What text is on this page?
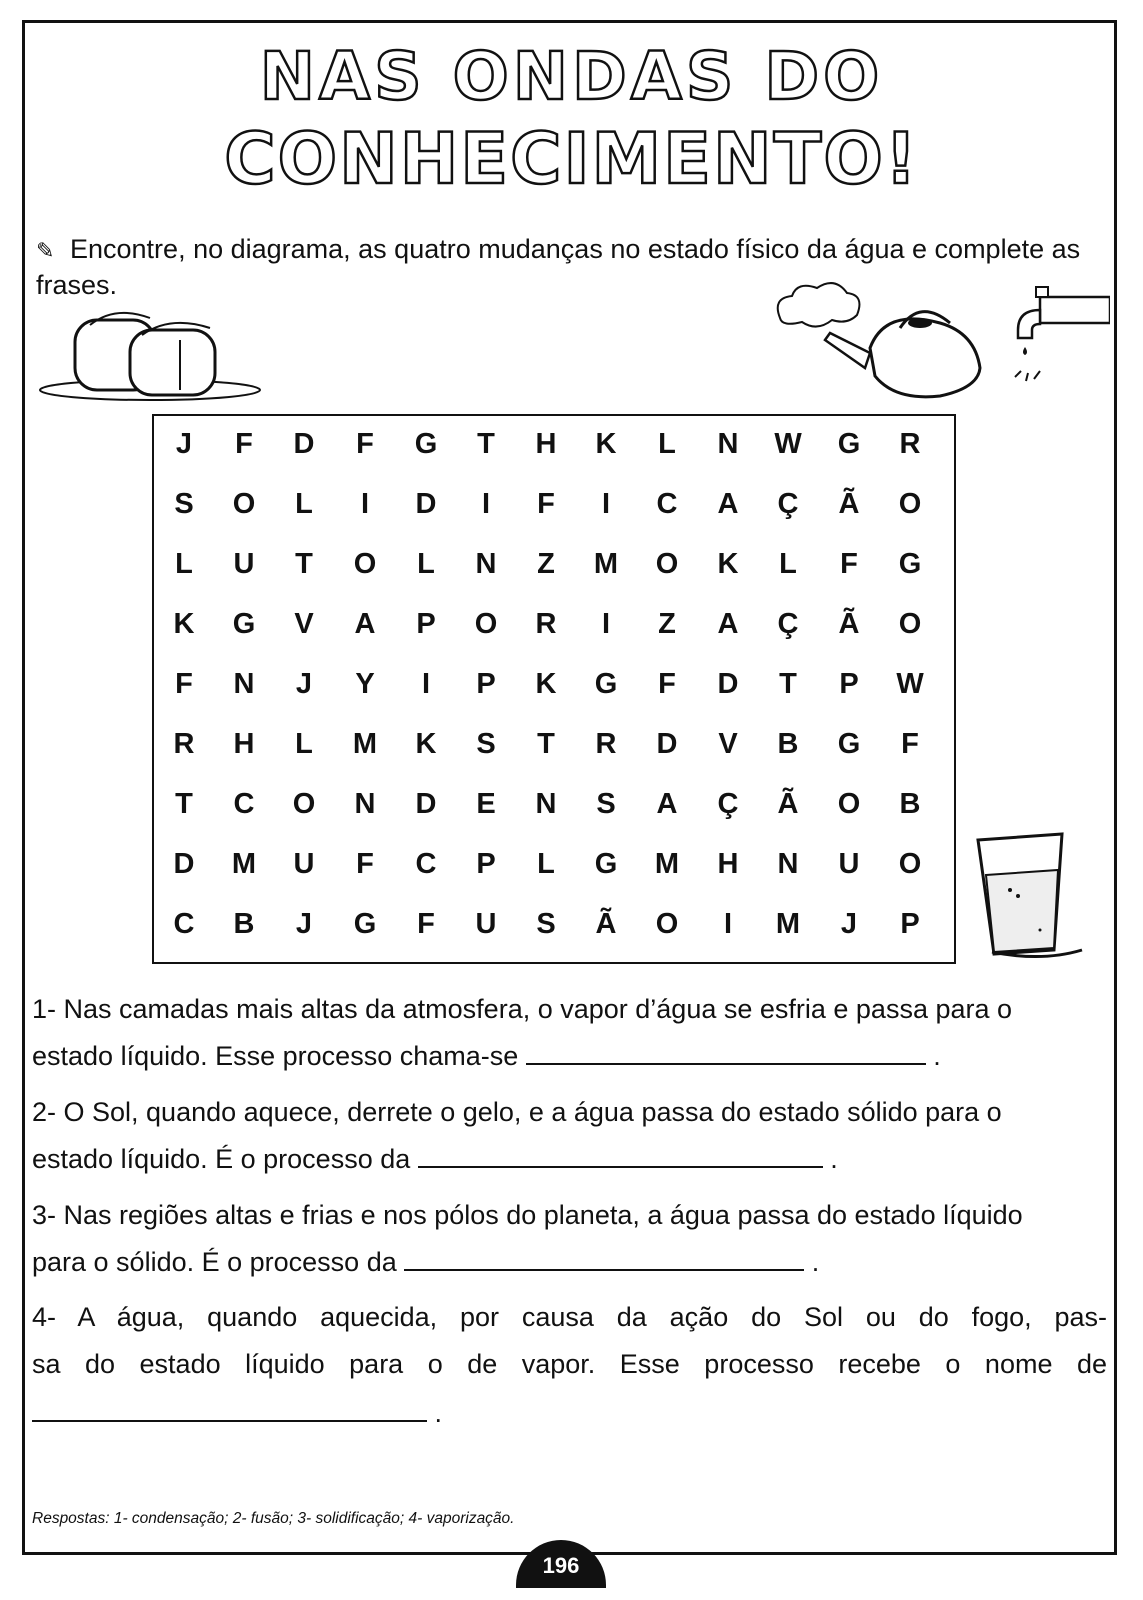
NAS ONDAS DO
CONHECIMENTO!
✎ Encontre, no diagrama, as quatro mudanças no estado físico da água e complete as frases.
J	F	D	F	G	T	H	K	L	N	W	G	R
S	O	L	I	D	I	F	I	C	A	Ç	Ã	O
L	U	T	O	L	N	Z	M	O	K	L	F	G
K	G	V	A	P	O	R	I	Z	A	Ç	Ã	O
F	N	J	Y	I	P	K	G	F	D	T	P	W
R	H	L	M	K	S	T	R	D	V	B	G	F
T	C	O	N	D	E	N	S	A	Ç	Ã	O	B
D	M	U	F	C	P	L	G	M	H	N	U	O
C	B	J	G	F	U	S	Ã	O	I	M	J	P
1- Nas camadas mais altas da atmosfera, o vapor d’água se esfria e passa para o
estado líquido. Esse processo chama-se	.
2- O Sol, quando aquece, derrete o gelo, e a água passa do estado sólido para o
estado líquido. É o processo da	.
3- Nas regiões altas e frias e nos pólos do planeta, a água passa do estado líquido
para o sólido. É o processo da	.
4- A água, quando aquecida, por causa da ação do Sol ou do fogo, pas-
sa do estado líquido para o de vapor. Esse processo recebe o nome de
.
Respostas: 1- condensação; 2- fusão; 3- solidificação; 4- vaporização.
196
